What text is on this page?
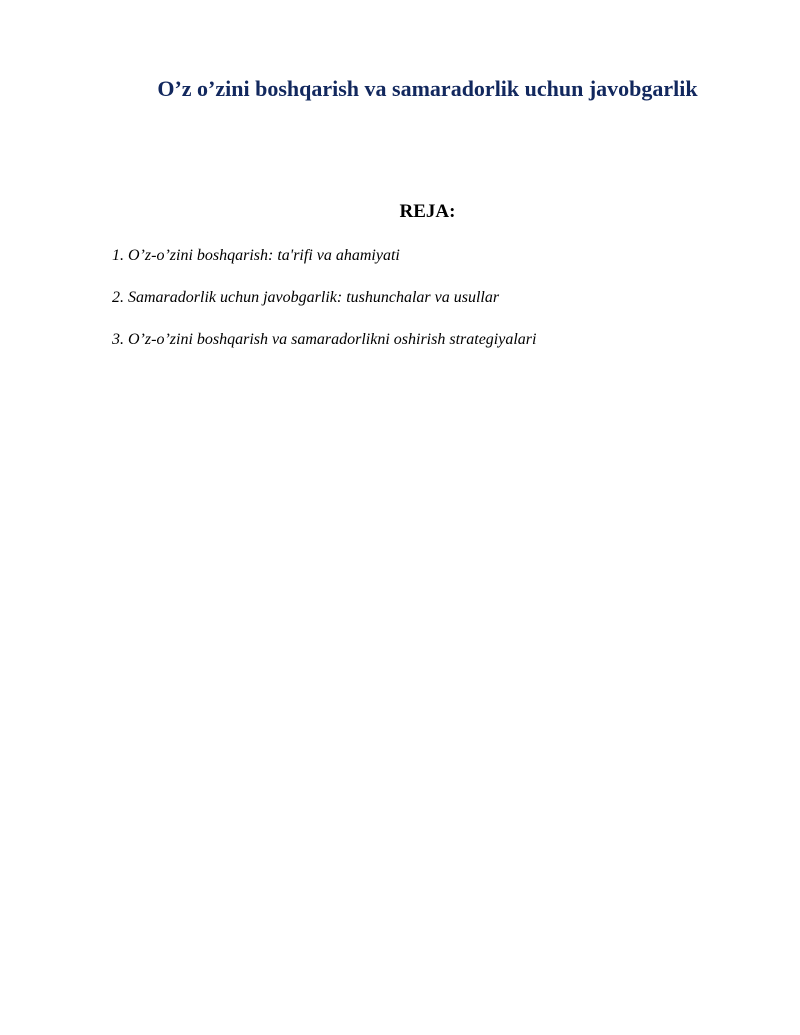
O’z o’zini boshqarish va samaradorlik uchun javobgarlik
REJA:
1. O’z-o’zini boshqarish: ta'rifi va ahamiyati
2. Samaradorlik uchun javobgarlik: tushunchalar va usullar
3. O’z-o’zini boshqarish va samaradorlikni oshirish strategiyalari
